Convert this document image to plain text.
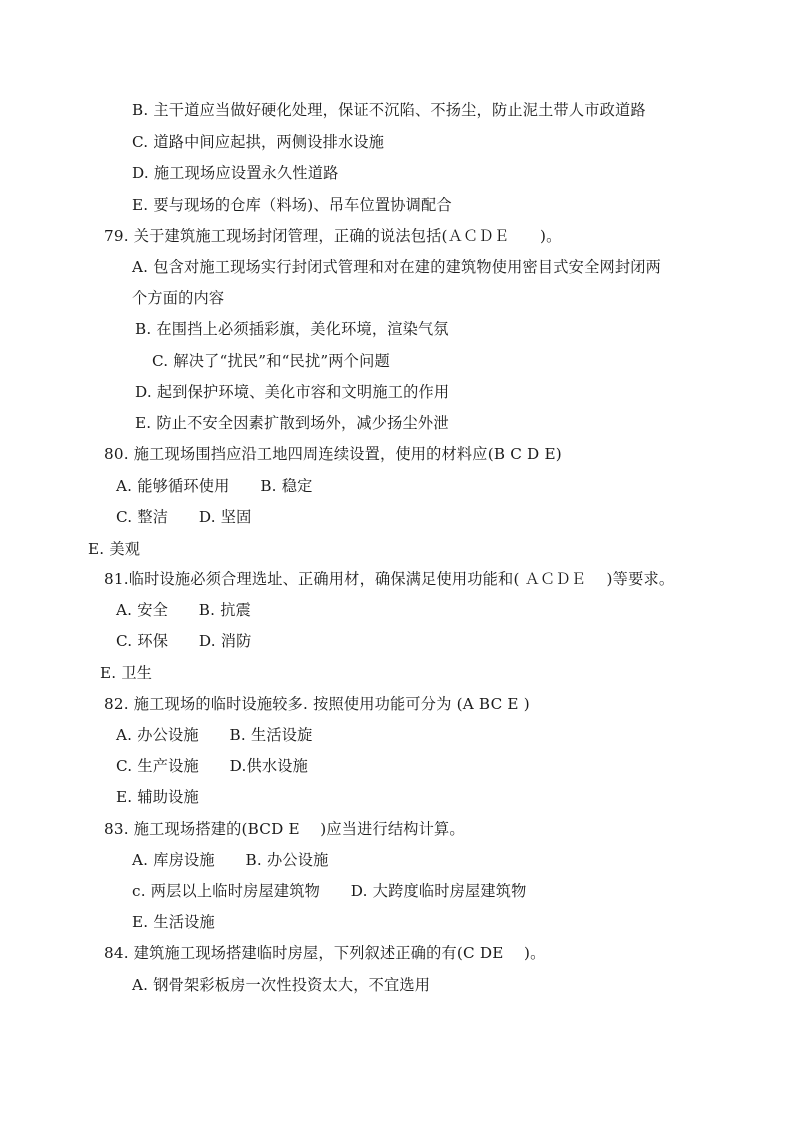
B. 主干道应当做好硬化处理，保证不沉陷、不扬尘，防止泥土带人市政道路
C. 道路中间应起拱，两侧设排水设施
D. 施工现场应设置永久性道路
E. 要与现场的仓库（料场)、吊车位置协调配合
79. 关于建筑施工现场封闭管理，正确的说法包括(ＡＣＤＥ　　)。
A. 包含对施工现场实行封闭式管理和对在建的建筑物使用密目式安全网封闭两
个方面的内容
B. 在围挡上必须插彩旗，美化环境，渲染气氛
C. 解决了“扰民”和“民扰”两个问题
D. 起到保护环境、美化市容和文明施工的作用
E. 防止不安全因素扩散到场外，减少扬尘外泄
80. 施工现场围挡应沿工地四周连续设置，使用的材料应(B C D E)
A. 能够循环使用　　B. 稳定
C. 整洁　　D. 坚固
E. 美观
81.临时设施必须合理选址、正确用材，确保满足使用功能和( ＡＣＤＥ　 )等要求。
A. 安全　　B. 抗震
C. 环保　　D. 消防
E. 卫生
82. 施工现场的临时设施较多. 按照使用功能可分为 (A BC E )
A. 办公设施　　B. 生活设旋
C. 生产设施　　D.供水设施
E. 辅助设施
83. 施工现场搭建的(BCD E　 )应当进行结构计算。
A. 库房设施　　B. 办公设施
c. 两层以上临时房屋建筑物　　D. 大跨度临时房屋建筑物
E. 生活设施
84. 建筑施工现场搭建临时房屋，下列叙述正确的有(C DE　 )。
A. 钢骨架彩板房一次性投资太大，不宜选用
